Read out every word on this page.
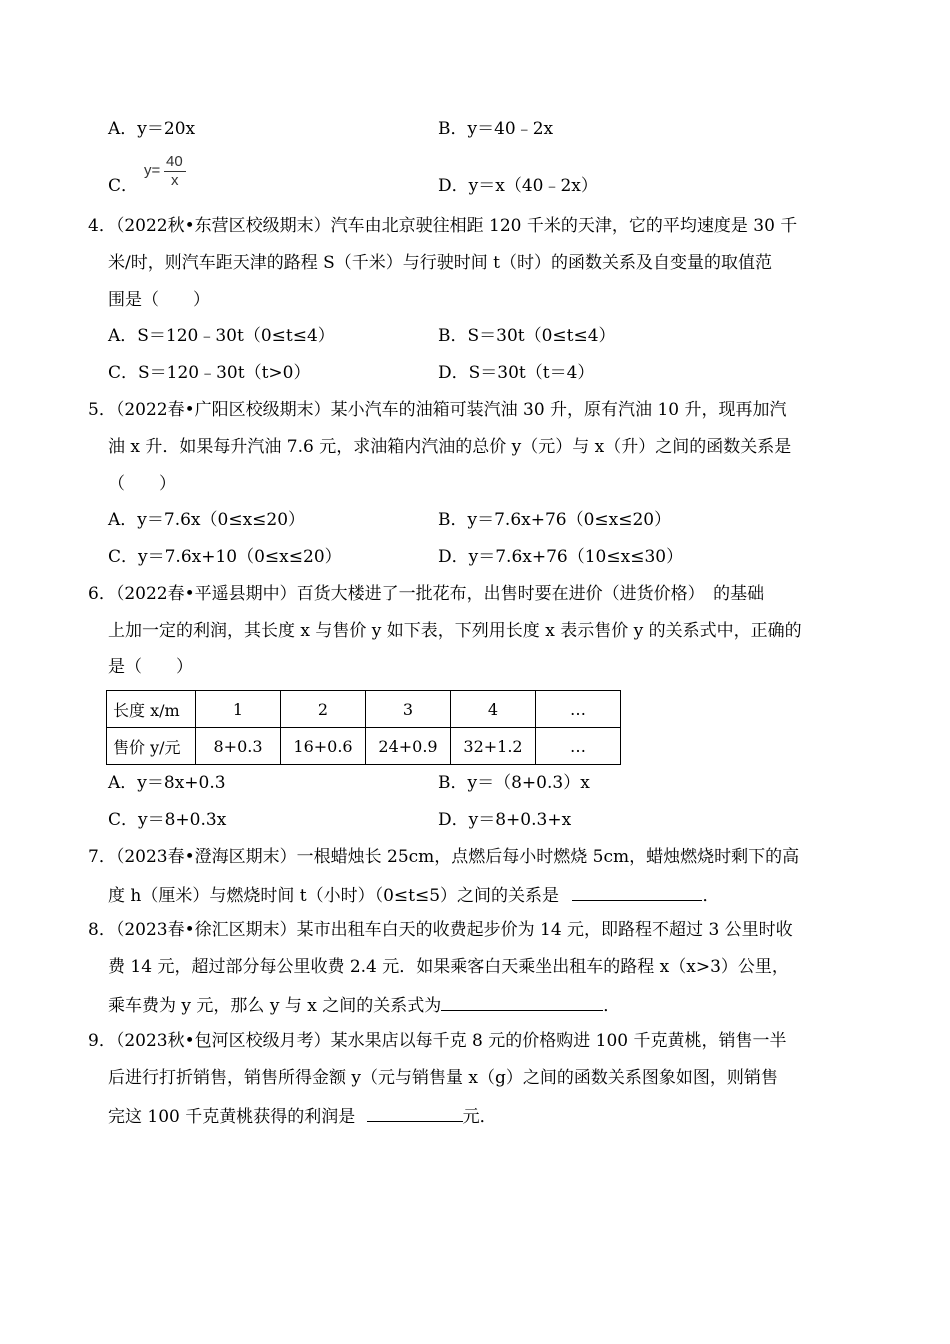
A．y＝20x	B．y＝40﹣2x
C．
y=
40
x	D．y＝x（40﹣2x）
4．（2022秋•东营区校级期末）汽车由北京驶往相距 120 千米的天津，它的平均速度是 30 千
米/时，则汽车距天津的路程 S（千米）与行驶时间 t（时）的函数关系及自变量的取值范
围是（　　）
A．S＝120﹣30t（0≤t≤4）	B．S＝30t（0≤t≤4）
C．S＝120﹣30t（t>0）	D．S＝30t（t＝4）
5．（2022春•广阳区校级期末）某小汽车的油箱可装汽油 30 升，原有汽油 10 升，现再加汽
油 x 升．如果每升汽油 7.6 元，求油箱内汽油的总价 y（元）与 x（升）之间的函数关系是
（　　）
A．y＝7.6x（0≤x≤20）	B．y＝7.6x+76（0≤x≤20）
C．y＝7.6x+10（0≤x≤20）	D．y＝7.6x+76（10≤x≤30）
6．（2022春•平遥县期中）百货大楼进了一批花布，出售时要在进价（进货价格）　的基础
上加一定的利润，其长度 x 与售价 y 如下表，下列用长度 x 表示售价 y 的关系式中，正确的
是（　　）
长度 x/m	1	2	3	4	…
售价 y/元	8+0.3	16+0.6	24+0.9	32+1.2	…
A．y＝8x+0.3	B．y＝（8+0.3）x
C．y＝8+0.3x	D．y＝8+0.3+x
7．（2023春•澄海区期末）一根蜡烛长 25cm，点燃后每小时燃烧 5cm，蜡烛燃烧时剩下的高
度 h（厘米）与燃烧时间 t（小时）（0≤t≤5）之间的关系是	．
8．（2023春•徐汇区期末）某市出租车白天的收费起步价为 14 元，即路程不超过 3 公里时收
费 14 元，超过部分每公里收费 2.4 元．如果乘客白天乘坐出租车的路程 x（x>3）公里，
乘车费为 y 元，那么 y 与 x 之间的关系式为	．
9．（2023秋•包河区校级月考）某水果店以每千克 8 元的价格购进 100 千克黄桃，销售一半
后进行打折销售，销售所得金额 y（元与销售量 x（g）之间的函数关系图象如图，则销售
完这 100 千克黄桃获得的利润是	元．
